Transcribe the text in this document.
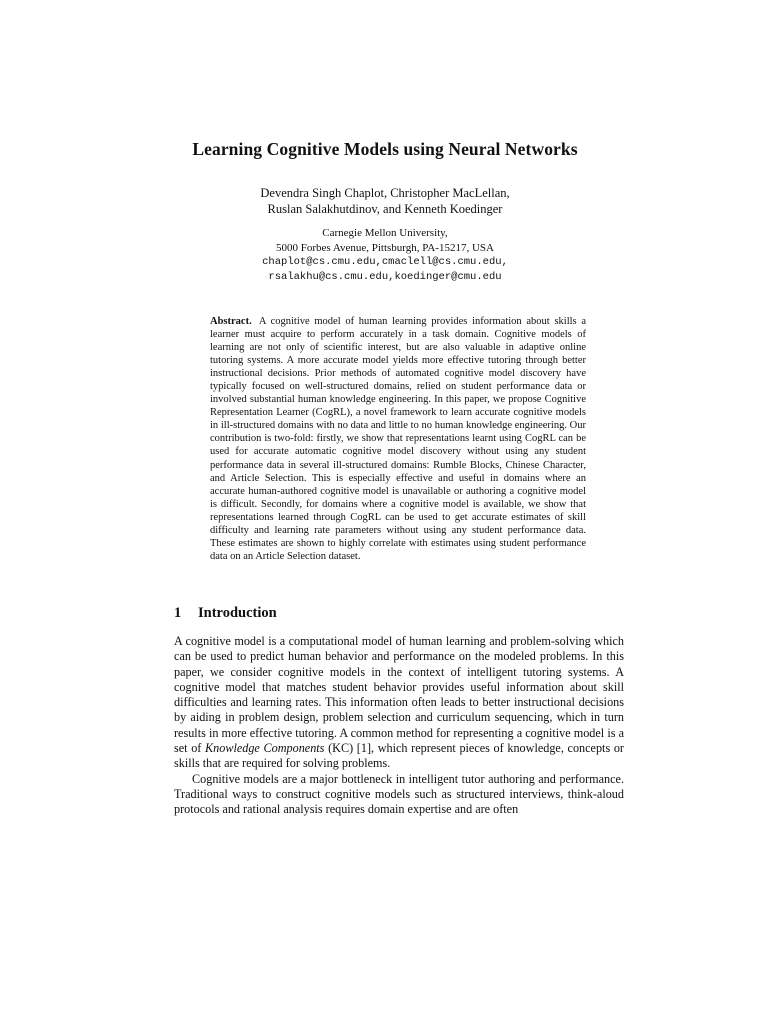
Learning Cognitive Models using Neural Networks
Devendra Singh Chaplot, Christopher MacLellan,
Ruslan Salakhutdinov, and Kenneth Koedinger
Carnegie Mellon University,
5000 Forbes Avenue, Pittsburgh, PA-15217, USA
chaplot@cs.cmu.edu,cmaclell@cs.cmu.edu,
rsalakhu@cs.cmu.edu,koedinger@cmu.edu
Abstract. A cognitive model of human learning provides information about skills a learner must acquire to perform accurately in a task domain. Cognitive models of learning are not only of scientific interest, but are also valuable in adaptive online tutoring systems. A more accurate model yields more effective tutoring through better instructional decisions. Prior methods of automated cognitive model discovery have typically focused on well-structured domains, relied on student performance data or involved substantial human knowledge engineering. In this paper, we propose Cognitive Representation Learner (CogRL), a novel framework to learn accurate cognitive models in ill-structured domains with no data and little to no human knowledge engineering. Our contribution is two-fold: firstly, we show that representations learnt using CogRL can be used for accurate automatic cognitive model discovery without using any student performance data in several ill-structured domains: Rumble Blocks, Chinese Character, and Article Selection. This is especially effective and useful in domains where an accurate human-authored cognitive model is unavailable or authoring a cognitive model is difficult. Secondly, for domains where a cognitive model is available, we show that representations learned through CogRL can be used to get accurate estimates of skill difficulty and learning rate parameters without using any student performance data. These estimates are shown to highly correlate with estimates using student performance data on an Article Selection dataset.
1 Introduction

A cognitive model is a computational model of human learning and problem-solving which can be used to predict human behavior and performance on the modeled problems. In this paper, we consider cognitive models in the context of intelligent tutoring systems. A cognitive model that matches student behavior provides useful information about skill difficulties and learning rates. This information often leads to better instructional decisions by aiding in problem design, problem selection and curriculum sequencing, which in turn results in more effective tutoring. A common method for representing a cognitive model is a set of Knowledge Components (KC) [1], which represent pieces of knowledge, concepts or skills that are required for solving problems.

Cognitive models are a major bottleneck in intelligent tutor authoring and performance. Traditional ways to construct cognitive models such as structured interviews, think-aloud protocols and rational analysis requires domain expertise and are often
